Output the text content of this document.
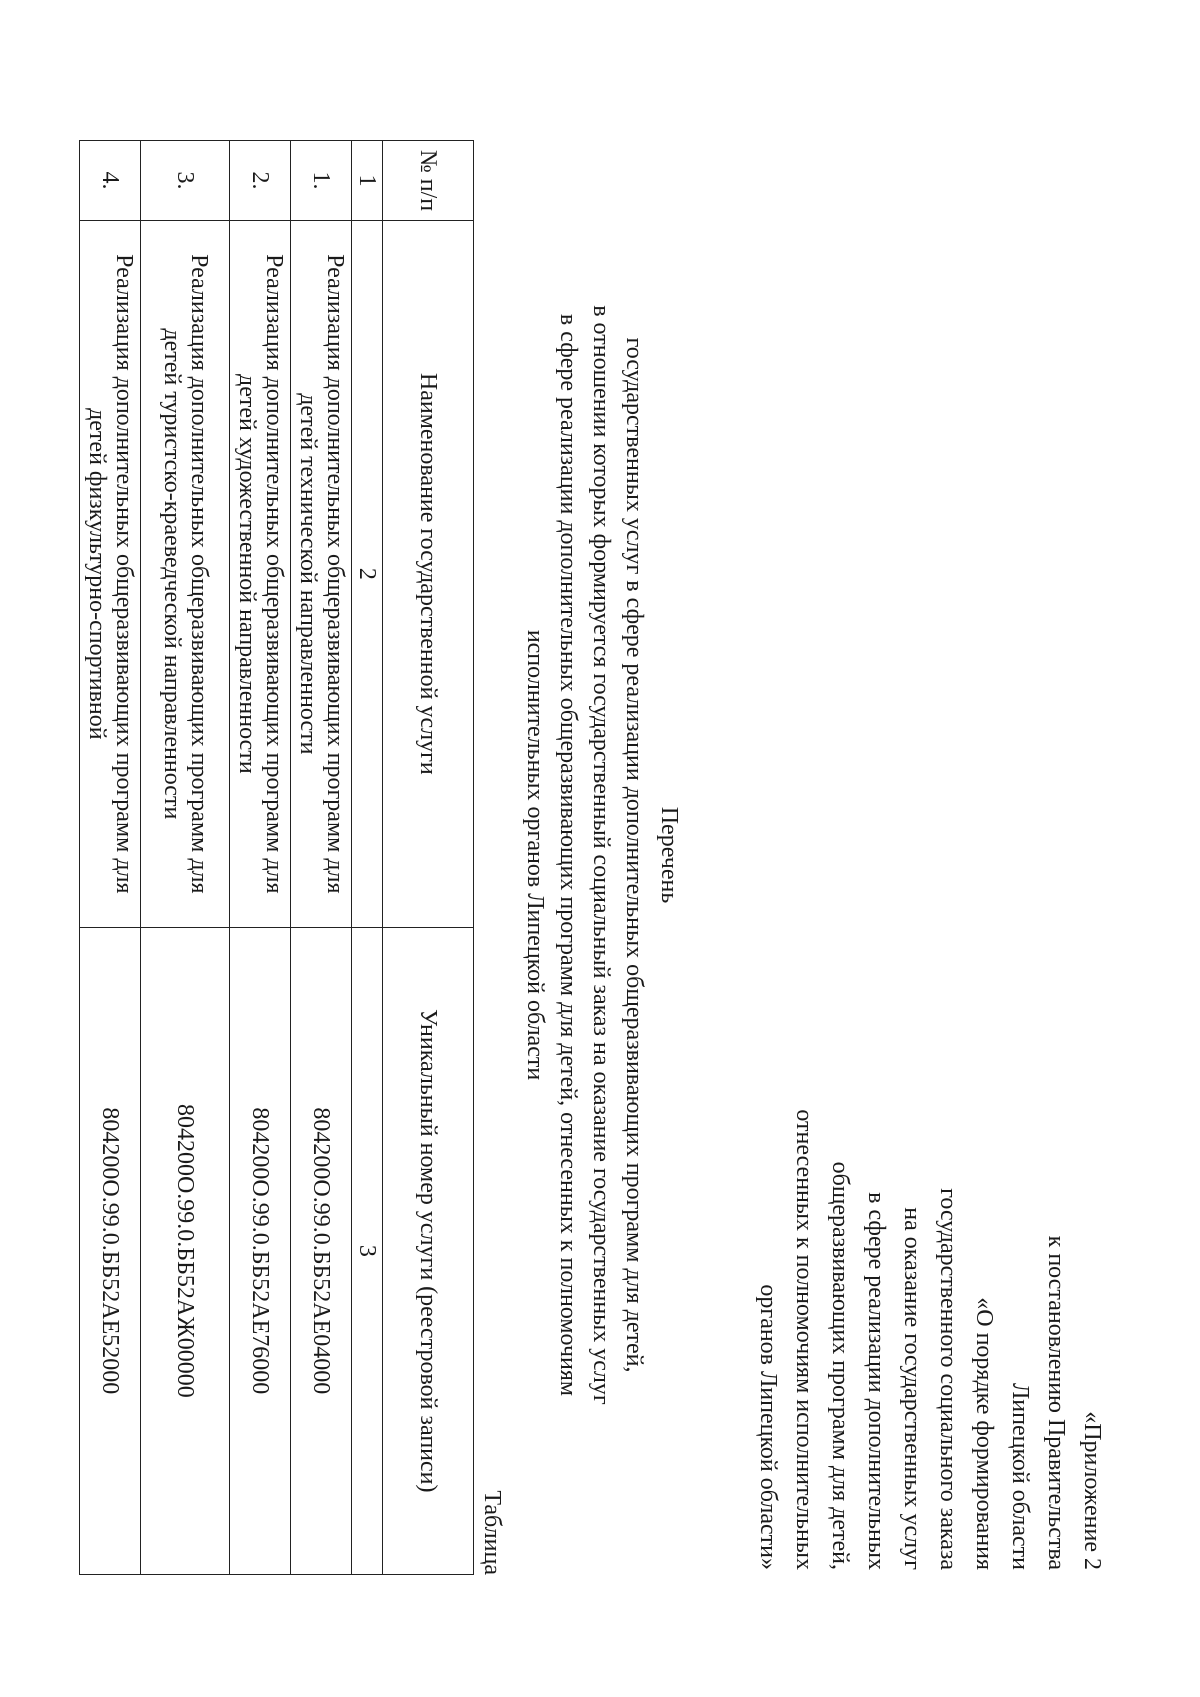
«Приложение 2
к постановлению Правительства
Липецкой области
«О порядке формирования
государственного социального заказа
на оказание государственных услуг
в сфере реализации дополнительных
общеразвивающих программ для детей,
отнесенных к полномочиям исполнительных
органов Липецкой области»
Перечень
государственных услуг в сфере реализации дополнительных общеразвивающих программ для детей,
в отношении которых формируется государственный социальный заказ на оказание государственных услуг
в сфере реализации дополнительных общеразвивающих программ для детей, отнесенных к полномочиям
исполнительных органов Липецкой области
Таблица
№ п/п	Наименование государственной услуги	Уникальный номер услуги (реестровой записи)
1	2	3
1.	Реализация дополнительных общеразвивающих программ для детей технической направленности	804200О.99.0.ББ52АЕ04000
2.	Реализация дополнительных общеразвивающих программ для детей художественной направленности	804200О.99.0.ББ52АЕ76000
3.	Реализация дополнительных общеразвивающих программ для детей туристско-краеведческой направленности	804200О.99.0.ББ52АЖ00000
4.	Реализация дополнительных общеразвивающих программ для детей физкультурно-спортивной	804200О.99.0.ББ52АЕ52000
